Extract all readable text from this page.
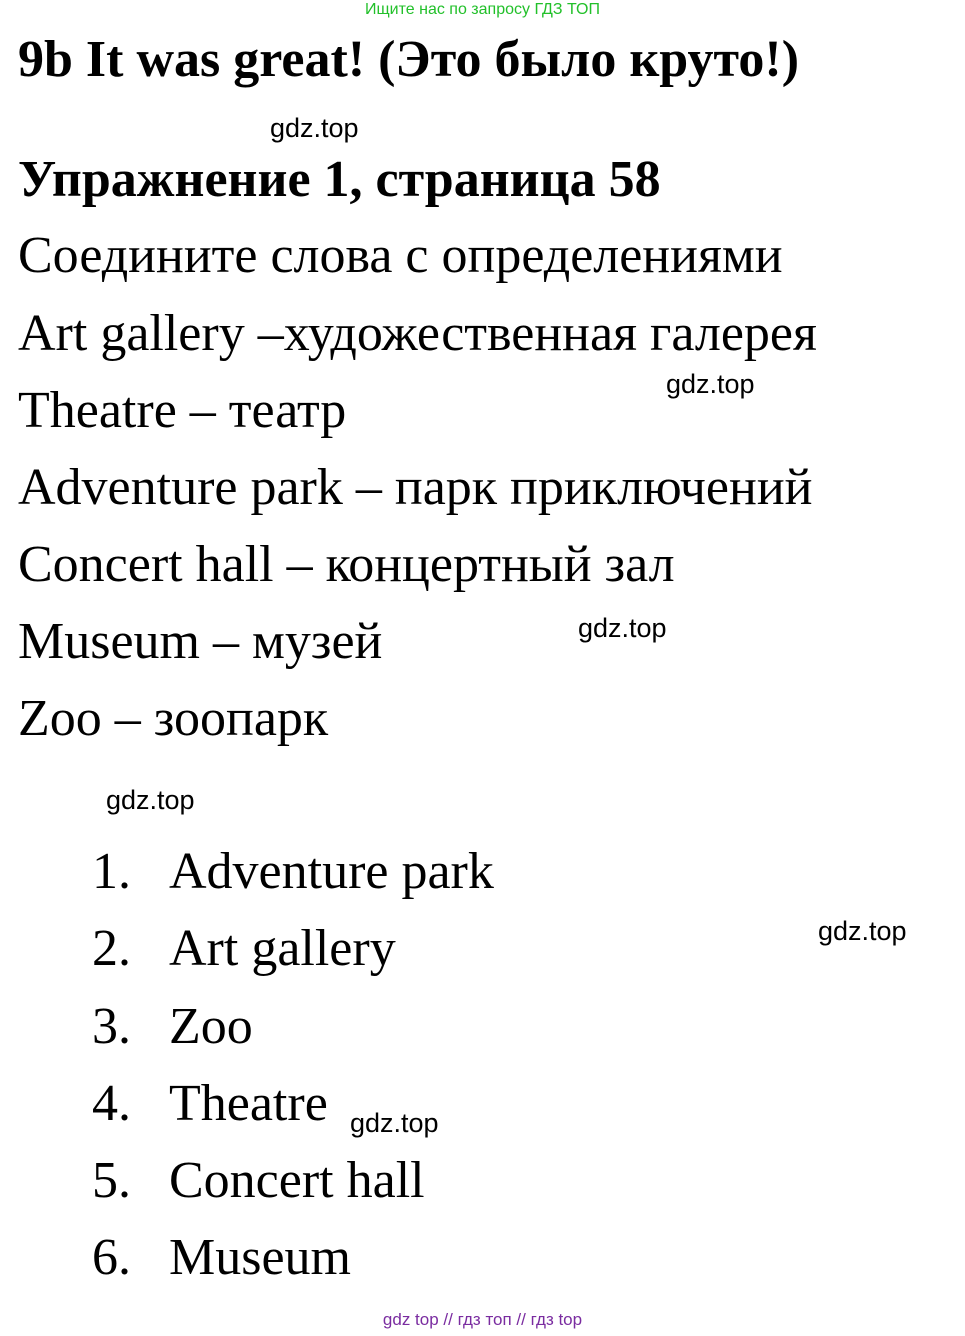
Ищите нас по запросу ГДЗ ТОП
9b It was great! (Это было круто!)
gdz.top
Упражнение 1, страница 58
Соедините слова с определениями
Art gallery –художественная галерея
gdz.top
Theatre – театр
Adventure park – парк приключений
Concert hall – концертный зал
Museum – музей	gdz.top
Zoo – зоопарк
gdz.top
1. Adventure park
gdz.top
2. Art gallery
3. Zoo
4. Theatre gdz.top
5. Concert hall
6. Museum
gdz top // гдз топ // гдз top
